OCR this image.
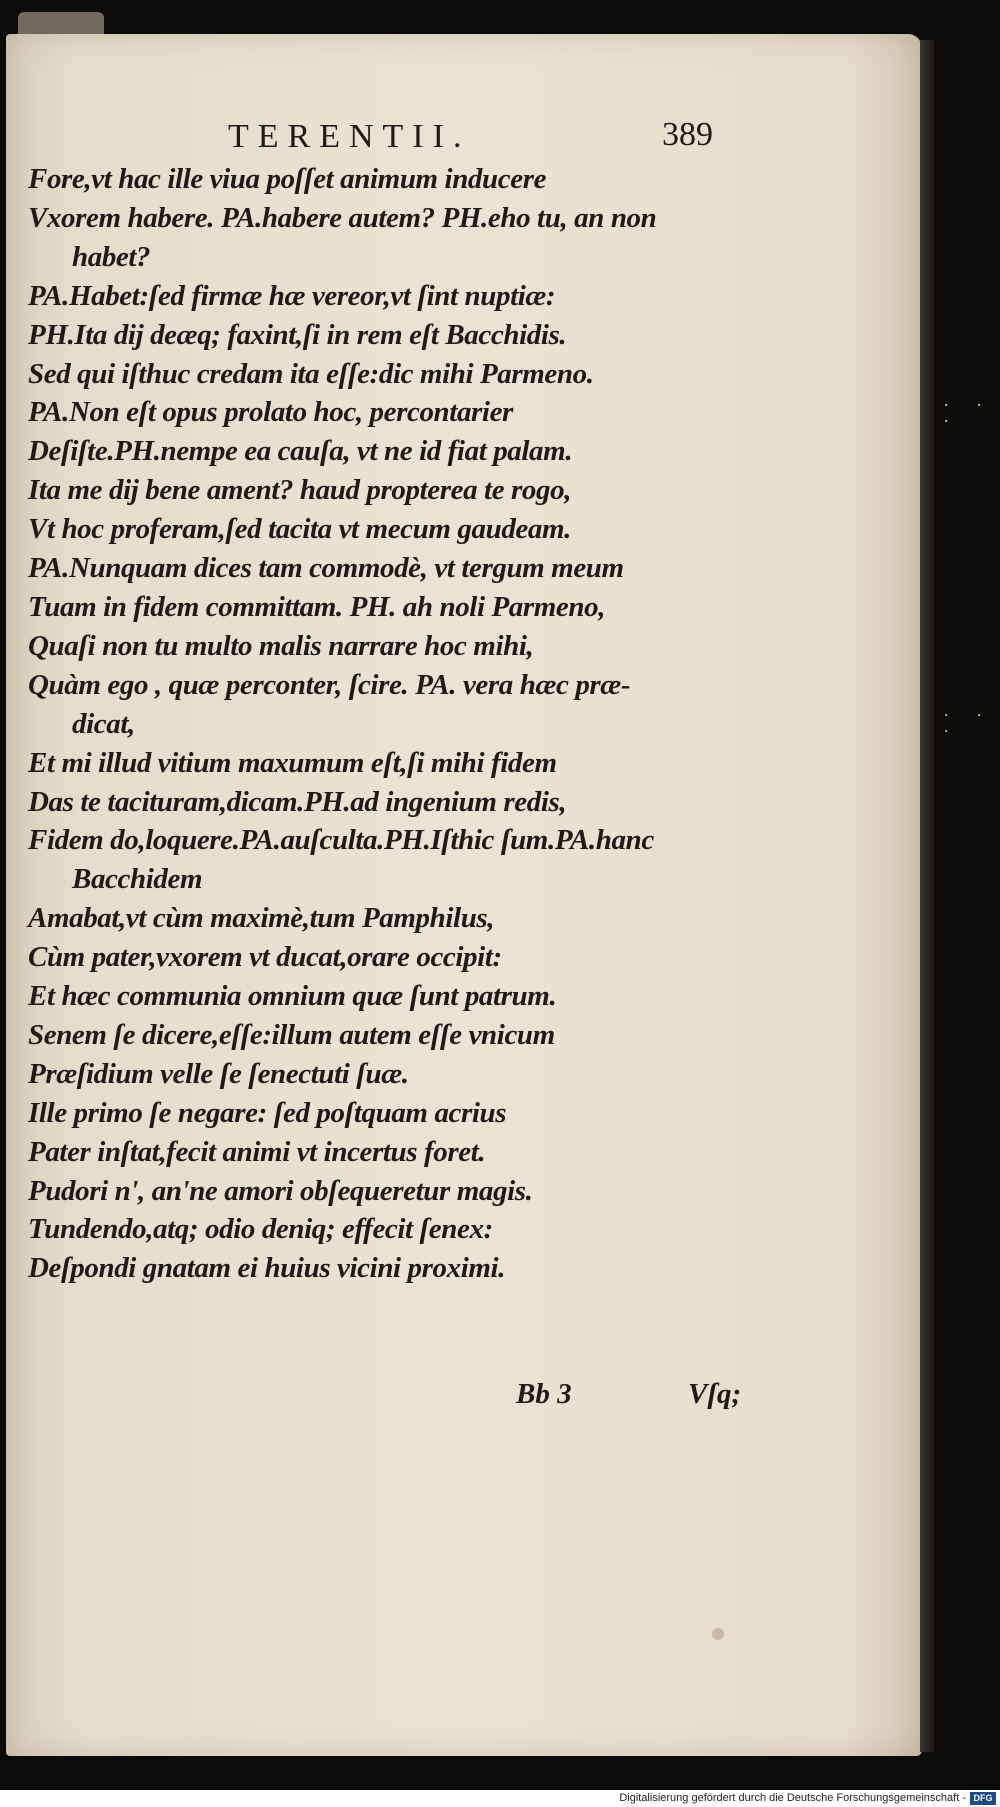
· · ·
· · ·
TERENTII.	389
Fore,vt hac ille viua poſſet animum inducere
Vxorem habere. PA.habere autem? PH.eho tu, an non
habet?
PA.Habet:ſed firmæ hæ vereor,vt ſint nuptiæ:
PH.Ita dij deæq; faxint,ſi in rem eſt Bacchidis.
Sed qui iſthuc credam ita eſſe:dic mihi Parmeno.
PA.Non eſt opus prolato hoc, percontarier
Deſiſte.PH.nempe ea cauſa, vt ne id fiat palam.
Ita me dij bene ament? haud propterea te rogo,
Vt hoc proferam,ſed tacita vt mecum gaudeam.
PA.Nunquam dices tam commodè, vt tergum meum
Tuam in fidem committam. PH. ah noli Parmeno,
Quaſi non tu multo malis narrare hoc mihi,
Quàm ego , quæ perconter, ſcire. PA. vera hæc præ-
dicat,
Et mi illud vitium maxumum eſt,ſi mihi fidem
Das te tacituram,dicam.PH.ad ingenium redis,
Fidem do,loquere.PA.auſculta.PH.Iſthic ſum.PA.hanc
Bacchidem
Amabat,vt cùm maximè,tum Pamphilus,
Cùm pater,vxorem vt ducat,orare occipit:
Et hæc communia omnium quæ ſunt patrum.
Senem ſe dicere,eſſe:illum autem eſſe vnicum
Præſidium velle ſe ſenectuti ſuæ.
Ille primo ſe negare: ſed poſtquam acrius
Pater inſtat,fecit animi vt incertus foret.
Pudori n', an'ne amori obſequeretur magis.
Tundendo,atq; odio deniq; effecit ſenex:
Deſpondi gnatam ei huius vicini proximi.
Bb 3	Vſq;
Digitalisierung gefördert durch die Deutsche Forschungsgemeinschaft - DFG
